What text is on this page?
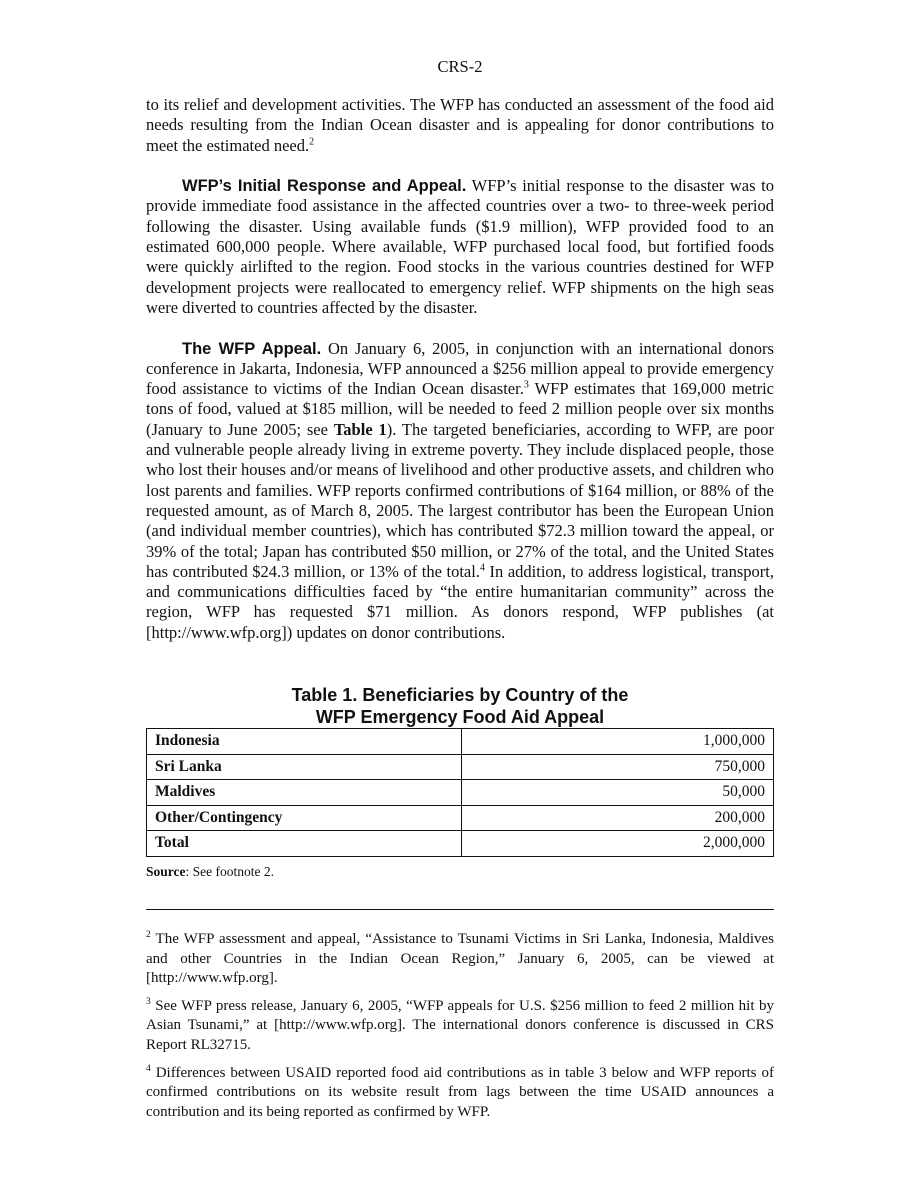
CRS-2

to its relief and development activities. The WFP has conducted an assessment of the food aid needs resulting from the Indian Ocean disaster and is appealing for donor contributions to meet the estimated need.$^2$

WFP’s Initial Response and Appeal. WFP’s initial response to the disaster was to provide immediate food assistance in the affected countries over a two- to three-week period following the disaster. Using available funds ($1.9 million), WFP provided food to an estimated 600,000 people. Where available, WFP purchased local food, but fortified foods were quickly airlifted to the region. Food stocks in the various countries destined for WFP development projects were reallocated to emergency relief. WFP shipments on the high seas were diverted to countries affected by the disaster.

The WFP Appeal. On January 6, 2005, in conjunction with an international donors conference in Jakarta, Indonesia, WFP announced a $256 million appeal to provide emergency food assistance to victims of the Indian Ocean disaster.$^3$ WFP estimates that 169,000 metric tons of food, valued at $185 million, will be needed to feed 2 million people over six months (January to June 2005; see Table 1). The targeted beneficiaries, according to WFP, are poor and vulnerable people already living in extreme poverty. They include displaced people, those who lost their houses and/or means of livelihood and other productive assets, and children who lost parents and families. WFP reports confirmed contributions of $164 million, or 88% of the requested amount, as of March 8, 2005. The largest contributor has been the European Union (and individual member countries), which has contributed $72.3 million toward the appeal, or 39% of the total; Japan has contributed $50 million, or 27% of the total, and the United States has contributed $24.3 million, or 13% of the total.$^4$ In addition, to address logistical, transport, and communications difficulties faced by “the entire humanitarian community” across the region, WFP has requested $71 million. As donors respond, WFP publishes (at [http://www.wfp.org]) updates on donor contributions.

Table 1. Beneficiaries by Country of the
WFP Emergency Food Aid Appeal
Indonesia	1,000,000
Sri Lanka	750,000
Maldives	50,000
Other/Contingency	200,000
Total	2,000,000
Source: See footnote 2.

$^2$ The WFP assessment and appeal, “Assistance to Tsunami Victims in Sri Lanka, Indonesia, Maldives and other Countries in the Indian Ocean Region,” January 6, 2005, can be viewed at [http://www.wfp.org].

$^3$ See WFP press release, January 6, 2005, “WFP appeals for U.S. $256 million to feed 2 million hit by Asian Tsunami,” at [http://www.wfp.org]. The international donors conference is discussed in CRS Report RL32715.

$^4$ Differences between USAID reported food aid contributions as in table 3 below and WFP reports of confirmed contributions on its website result from lags between the time USAID announces a contribution and its being reported as confirmed by WFP.
